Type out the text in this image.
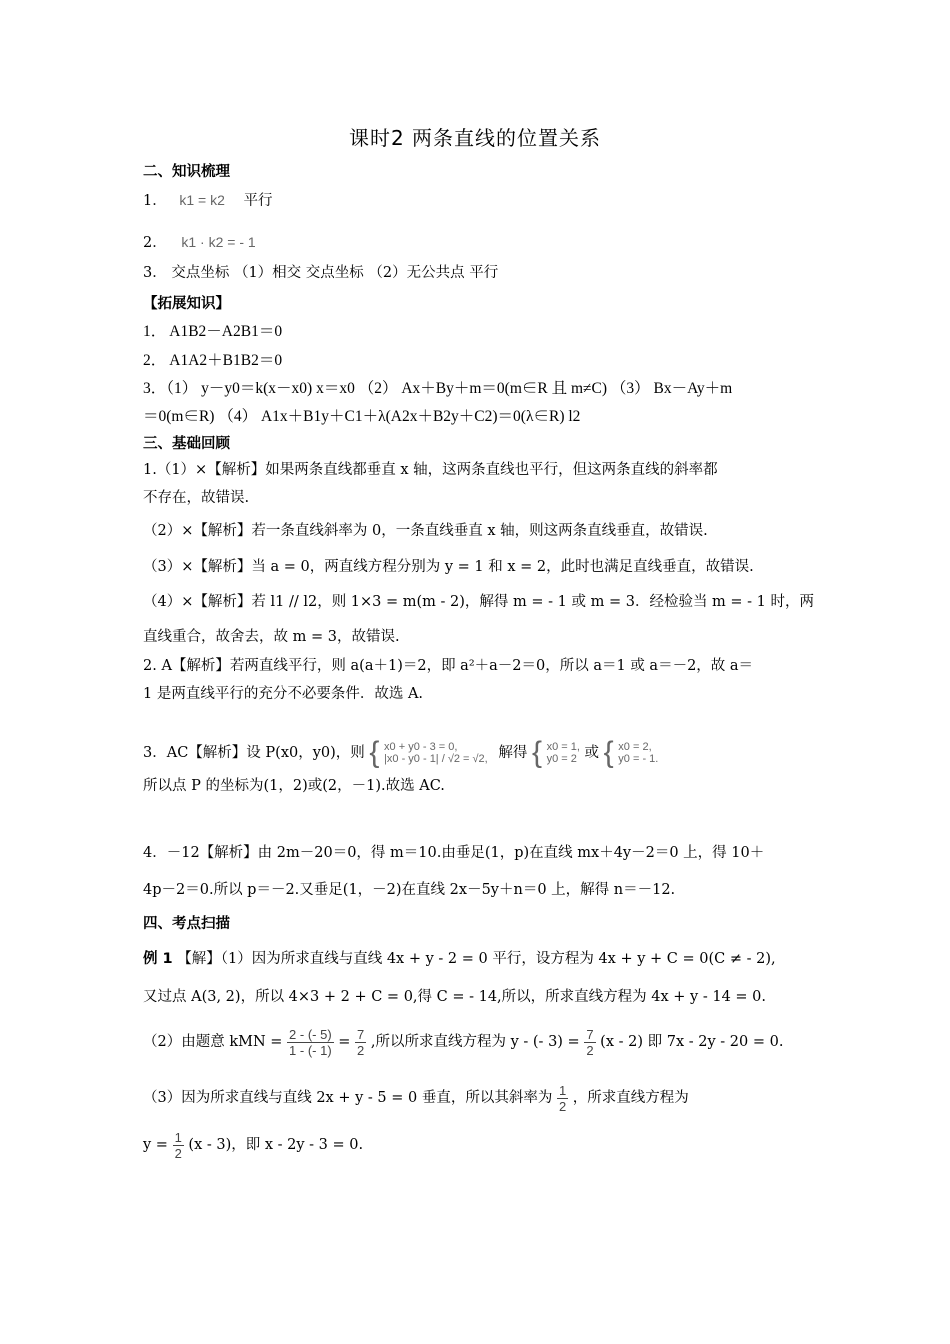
课时2 两条直线的位置关系
二、知识梳理
1． k1 = k2 平行
2． k1 · k2 = - 1
3． 交点坐标 （1）相交 交点坐标 （2）无公共点 平行
【拓展知识】
1． A1B2－A2B1＝0
2． A1A2＋B1B2＝0
3．（1） y－y0＝k(x－x0) x＝x0 （2） Ax＋By＋m＝0(m∈R 且 m≠C) （3） Bx－Ay＋m
＝0(m∈R) （4） A1x＋B1y＋C1＋λ(A2x＋B2y＋C2)＝0(λ∈R) l2
三、基础回顾
1.（1）×【解析】如果两条直线都垂直 x 轴，这两条直线也平行，但这两条直线的斜率都
不存在，故错误.
（2）×【解析】若一条直线斜率为 0，一条直线垂直 x 轴，则这两条直线垂直，故错误.
（3）×【解析】当 a = 0，两直线方程分别为 y = 1 和 x = 2，此时也满足直线垂直，故错误.
（4）×【解析】若 l1 // l2，则 1×3 = m(m - 2)，解得 m = - 1 或 m = 3．经检验当 m = - 1 时，两
直线重合，故舍去，故 m = 3，故错误.
2. A【解析】若两直线平行，则 a(a＋1)＝2，即 a²＋a－2＝0，所以 a＝1 或 a＝－2，故 a＝
1 是两直线平行的充分不必要条件．故选 A.
3．AC【解析】设 P(x0，y0)，则 { x0 + y0 - 3 = 0,
|x0 - y0 - 1| / √2 = √2, 解得 { x0 = 1,
y0 = 2 或 { x0 = 2,
y0 = - 1.
所以点 P 的坐标为(1，2)或(2，－1).故选 AC.
4．－12【解析】由 2m－20＝0，得 m＝10.由垂足(1，p)在直线 mx＋4y－2＝0 上，得 10＋
4p－2＝0.所以 p＝－2.又垂足(1，－2)在直线 2x－5y＋n＝0 上，解得 n＝－12.
四、考点扫描
例 1 【解】（1）因为所求直线与直线 4x + y - 2 = 0 平行，设方程为 4x + y + C = 0(C ≠ - 2),
又过点 A(3, 2)，所以 4×3 + 2 + C = 0,得 C = - 14,所以，所求直线方程为 4x + y - 14 = 0.
（2）由题意 kMN = $\frac{2 - (- 5)}{1 - (- 1)} = \frac{7}{2}$ ,所以所求直线方程为 y - (- $3) = \frac{7}{2} (x - 2)$ 即 7x - 2y - 20 = 0.
（3）因为所求直线与直线 2x + y - 5 = 0 垂直，所以其斜率为 $\frac{1}{2}$ ，所求直线方程为
$y = \frac{1}{2} (x - 3)$，即 x - 2y - 3 = 0.
